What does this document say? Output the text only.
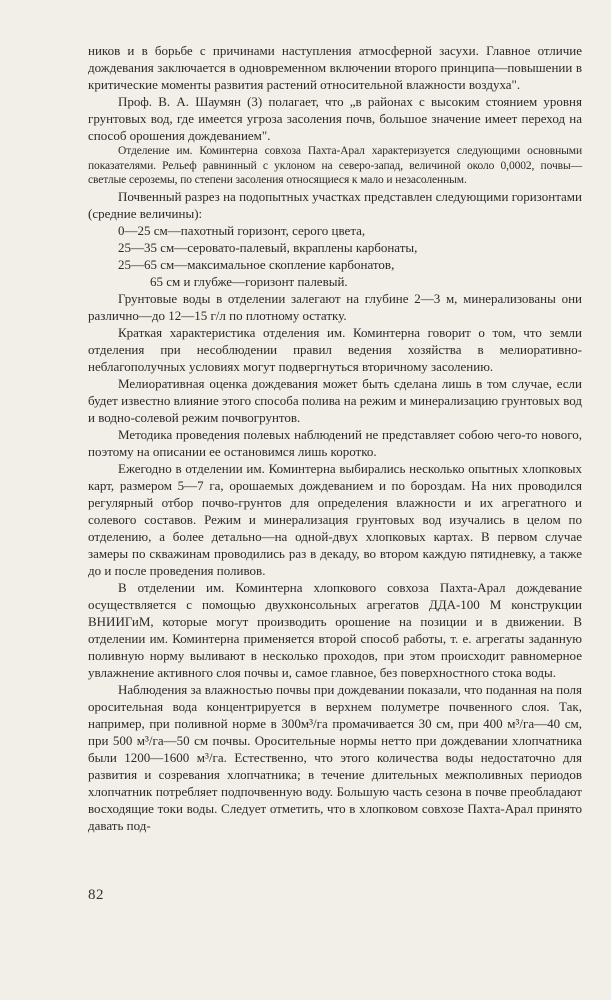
ников и в борьбе с причинами наступления атмосферной засухи. Главное отличие дождевания заключается в одновременном включении второго принципа—повышении в критические моменты развития растений относительной влажности воздуха".

Проф. В. А. Шаумян (3) полагает, что „в районах с высоким стоянием уровня грунтовых вод, где имеется угроза засоления почв, большое значение имеет переход на способ орошения дождеванием".

Отделение им. Коминтерна совхоза Пахта-Арал характеризуется следующими основными показателями. Рельеф равнинный с уклоном на северо-запад, величиной около 0,0002, почвы—светлые сероземы, по степени засоления относящиеся к мало и незасоленным.

Почвенный разрез на подопытных участках представлен следующими горизонтами (средние величины):

0—25 см—пахотный горизонт, серого цвета,

25—35 см—серовато-палевый, вкраплены карбонаты,

25—65 см—максимальное скопление карбонатов,

65 см и глубже—горизонт палевый.

Грунтовые воды в отделении залегают на глубине 2—3 м, минерализованы они различно—до 12—15 г/л по плотному остатку.

Краткая характеристика отделения им. Коминтерна говорит о том, что земли отделения при несоблюдении правил ведения хозяйства в мелиоративно-неблагополучных условиях могут подвергнуться вторичному засолению.

Мелиоративная оценка дождевания может быть сделана лишь в том случае, если будет известно влияние этого способа полива на режим и минерализацию грунтовых вод и водно-солевой режим почвогрунтов.

Методика проведения полевых наблюдений не представляет собою чего-то нового, поэтому на описании ее остановимся лишь коротко.

Ежегодно в отделении им. Коминтерна выбирались несколько опытных хлопковых карт, размером 5—7 га, орошаемых дождеванием и по бороздам. На них проводился регулярный отбор почво-грунтов для определения влажности и их агрегатного и солевого составов. Режим и минерализация грунтовых вод изучались в целом по отделению, а более детально—на одной-двух хлопковых картах. В первом случае замеры по скважинам проводились раз в декаду, во втором каждую пятидневку, а также до и после проведения поливов.

В отделении им. Коминтерна хлопкового совхоза Пахта-Арал дождевание осуществляется с помощью двухконсольных агрегатов ДДА-100 М конструкции ВНИИГиМ, которые могут производить орошение на позиции и в движении. В отделении им. Коминтерна применяется второй способ работы, т. е. агрегаты заданную поливную норму выливают в несколько проходов, при этом происходит равномерное увлажнение активного слоя почвы и, самое главное, без поверхностного стока воды.

Наблюдения за влажностью почвы при дождевании показали, что поданная на поля оросительная вода концентрируется в верхнем полуметре почвенного слоя. Так, например, при поливной норме в 300м³/га промачивается 30 см, при 400 м³/га—40 см, при 500 м³/га—50 см почвы. Оросительные нормы нетто при дождевании хлопчатника были 1200—1600 м³/га. Естественно, что этого количества воды недостаточно для развития и созревания хлопчатника; в течение длительных межполивных периодов хлопчатник потребляет подпочвенную воду. Большую часть сезона в почве преобладают восходящие токи воды. Следует отметить, что в хлопковом совхозе Пахта-Арал принято давать под-

82
